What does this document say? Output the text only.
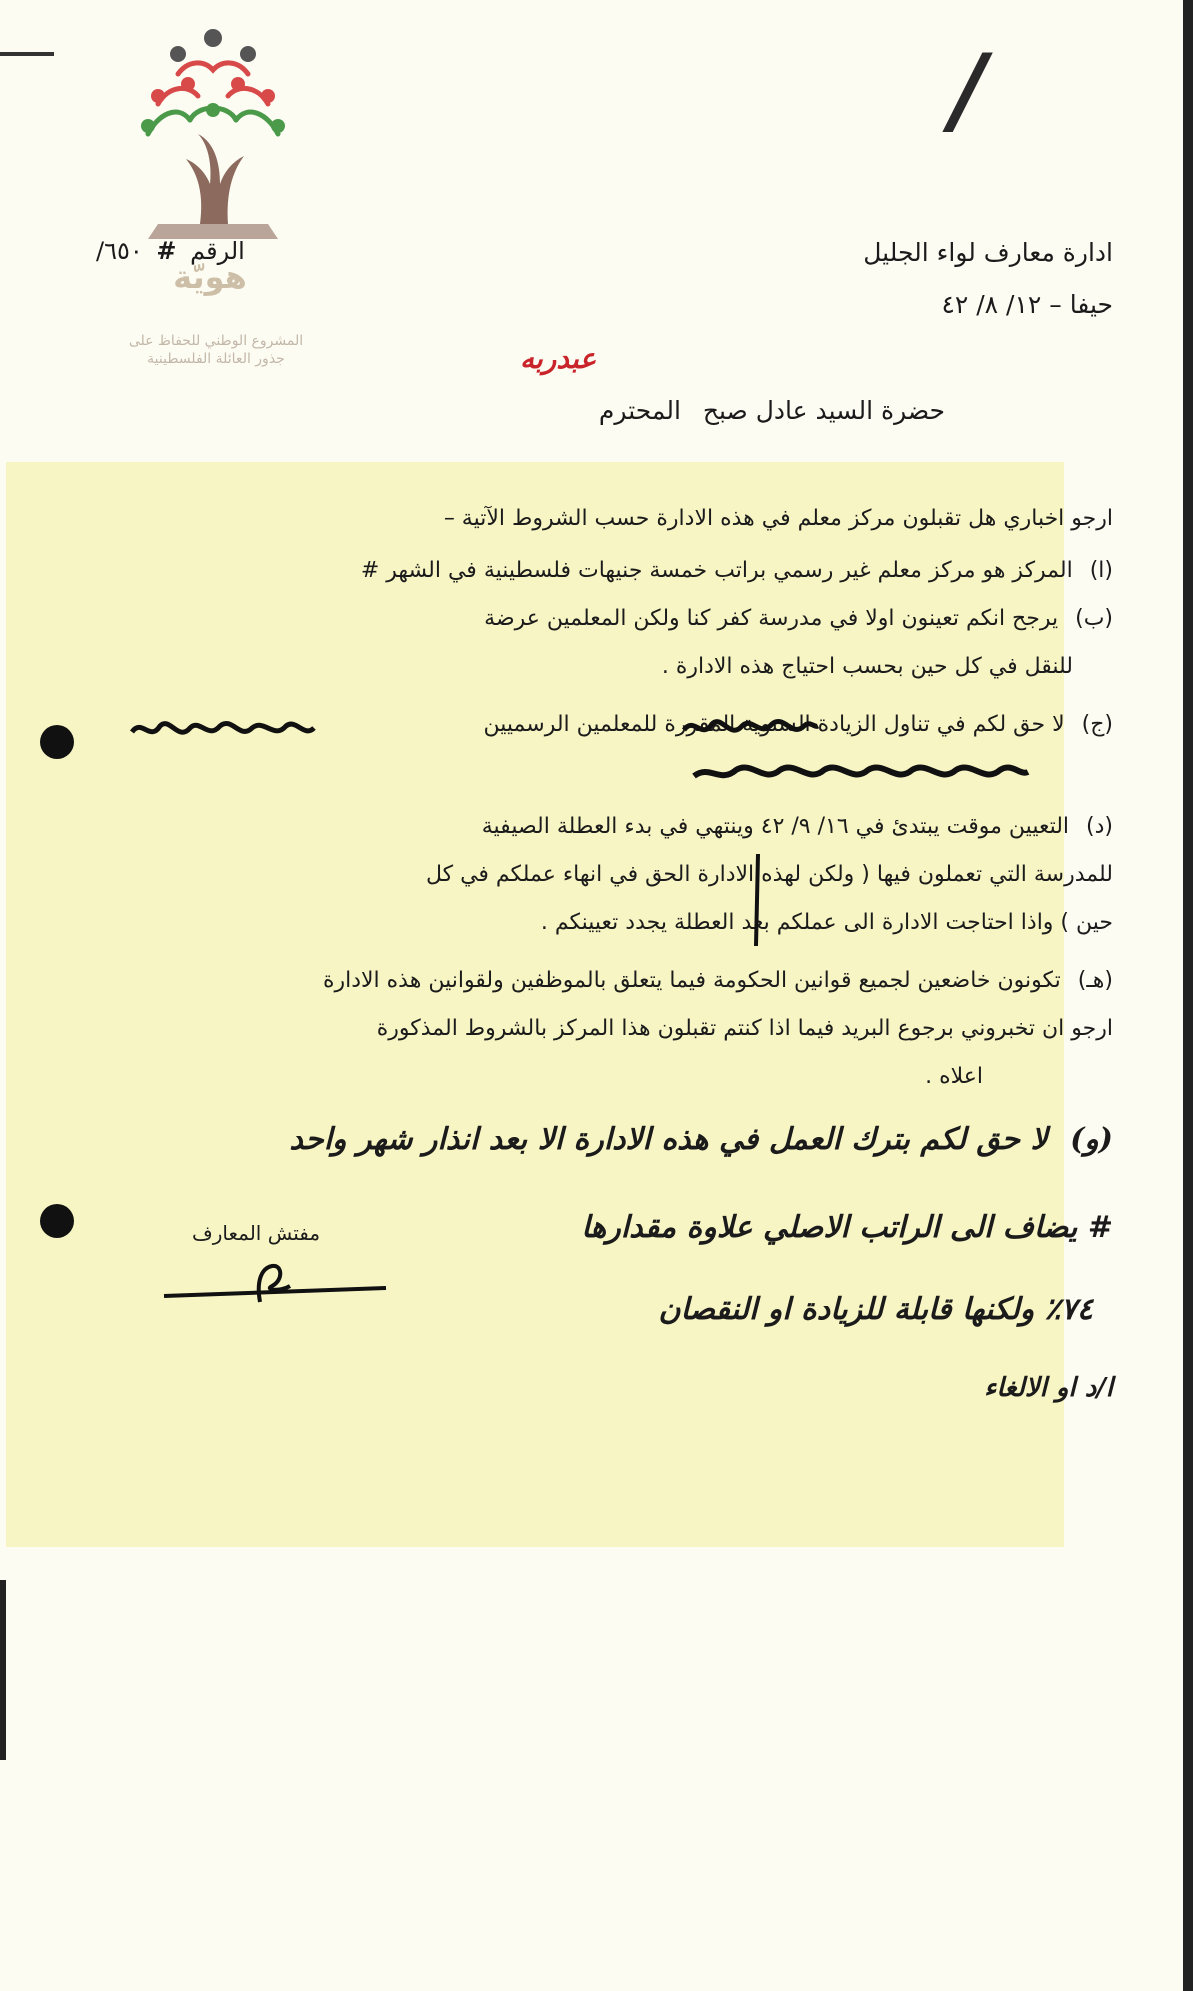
هويّة
المشروع الوطني للحفاظ على
جذور العائلة الفلسطينية
الرقم # ٦٥٠/
/
ادارة معارف لواء الجليل
حيفا – ١٢/ ٨/ ٤٢
عبدربه
حضرة السيد عادل صبح المحترم
ارجو اخباري هل تقبلون مركز معلم في هذه الادارة حسب الشروط الآتية –
(ا) المركز هو مركز معلم غير رسمي براتب خمسة جنيهات فلسطينية في الشهر #
(ب) يرجح انكم تعينون اولا في مدرسة كفر كنا ولكن المعلمين عرضة
للنقل في كل حين بحسب احتياج هذه الادارة .
(ج) لا حق لكم في تناول الزيادة السنوية المقررة للمعلمين الرسميين
(د) التعيين موقت يبتدئ في ١٦/ ٩/ ٤٢ وينتهي في بدء العطلة الصيفية
للمدرسة التي تعملون فيها ( ولكن لهذه الادارة الحق في انهاء عملكم في كل
حين ) واذا احتاجت الادارة الى عملكم بعد العطلة يجدد تعيينكم .
(هـ) تكونون خاضعين لجميع قوانين الحكومة فيما يتعلق بالموظفين ولقوانين هذه الادارة
ارجو ان تخبروني برجوع البريد فيما اذا كنتم تقبلون هذا المركز بالشروط المذكورة
اعلاه .
(و) لا حق لكم بترك العمل في هذه الادارة الا بعد انذار شهر واحد
مفتش المعارف	# يضاف الى الراتب الاصلي علاوة مقدارها
٧٤٪ ولكنها قابلة للزيادة او النقصان
ا/د او الالغاء
